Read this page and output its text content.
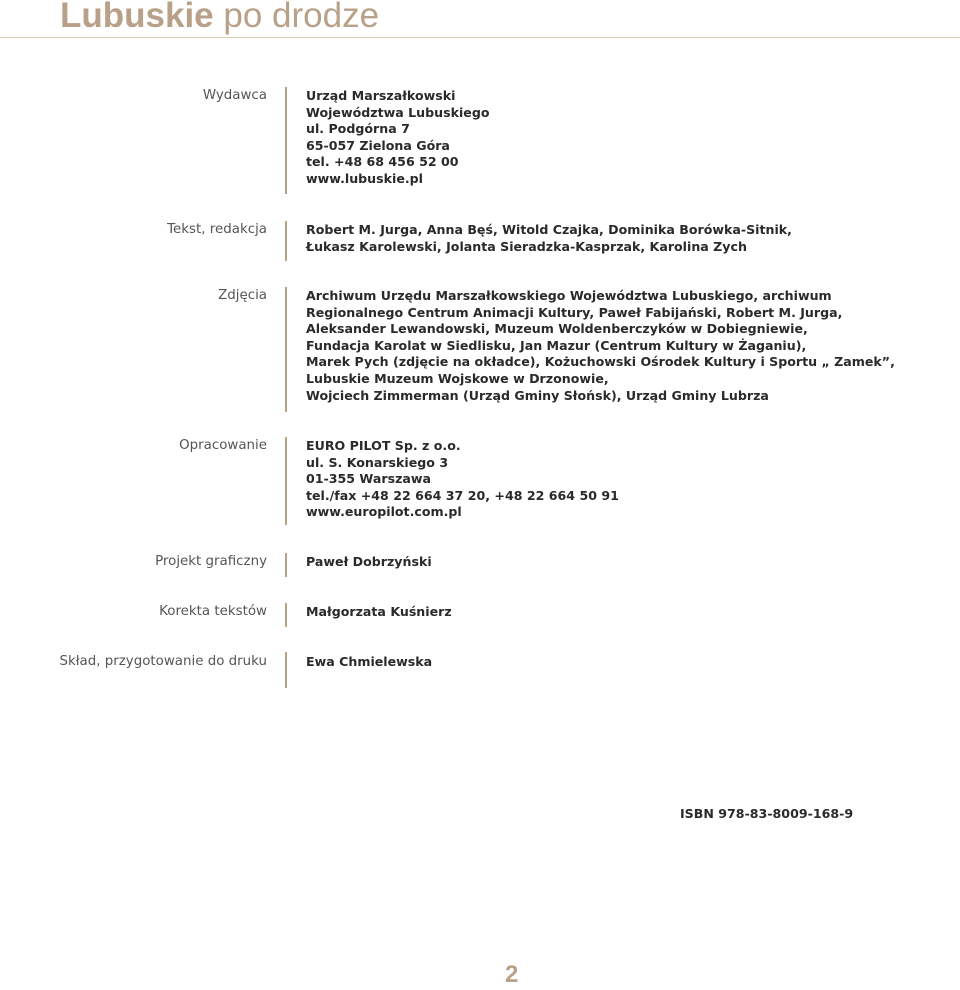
Lubuskie po drodze
Wydawca	Urząd Marszałkowski
Województwa Lubuskiego
ul. Podgórna 7
65-057 Zielona Góra
tel. +48 68 456 52 00
www.lubuskie.pl
Tekst, redakcja	Robert M. Jurga, Anna Bęś, Witold Czajka, Dominika Borówka-Sitnik,
Łukasz Karolewski, Jolanta Sieradzka-Kasprzak, Karolina Zych
Zdjęcia	Archiwum Urzędu Marszałkowskiego Województwa Lubuskiego, archiwum
Regionalnego Centrum Animacji Kultury, Paweł Fabijański, Robert M. Jurga,
Aleksander Lewandowski, Muzeum Woldenberczyków w Dobiegniewie,
Fundacja Karolat w Siedlisku, Jan Mazur (Centrum Kultury w Żaganiu),
Marek Pych (zdjęcie na okładce), Kożuchowski Ośrodek Kultury i Sportu „ Zamek”,
Lubuskie Muzeum Wojskowe w Drzonowie,
Wojciech Zimmerman (Urząd Gminy Słońsk), Urząd Gminy Lubrza
Opracowanie	EURO PILOT Sp. z o.o.
ul. S. Konarskiego 3
01-355 Warszawa
tel./fax +48 22 664 37 20, +48 22 664 50 91
www.europilot.com.pl
Projekt graficzny	Paweł Dobrzyński
Korekta tekstów	Małgorzata Kuśnierz
Skład, przygotowanie do druku	Ewa Chmielewska
ISBN 978-83-8009-168-9
2
